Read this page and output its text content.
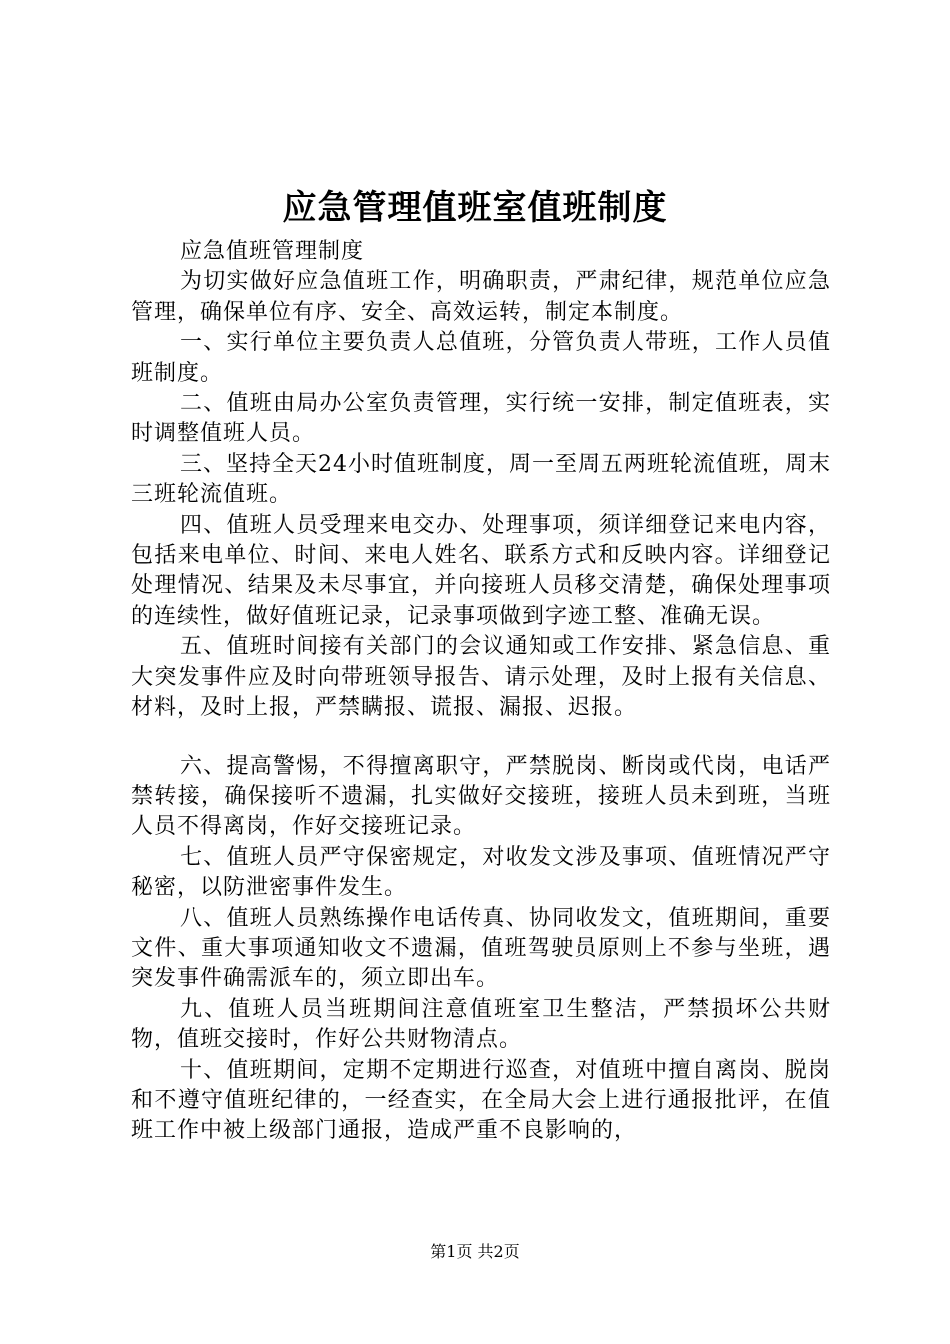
应急管理值班室值班制度

应急值班管理制度

为切实做好应急值班工作，明确职责，严肃纪律，规范单位应急管理，确保单位有序、安全、高效运转，制定本制度。

一、实行单位主要负责人总值班，分管负责人带班，工作人员值班制度。

二、值班由局办公室负责管理，实行统一安排，制定值班表，实时调整值班人员。

三、坚持全天24小时值班制度，周一至周五两班轮流值班，周末三班轮流值班。

四、值班人员受理来电交办、处理事项，须详细登记来电内容，包括来电单位、时间、来电人姓名、联系方式和反映内容。详细登记处理情况、结果及未尽事宜，并向接班人员移交清楚，确保处理事项的连续性，做好值班记录，记录事项做到字迹工整、准确无误。

五、值班时间接有关部门的会议通知或工作安排、紧急信息、重大突发事件应及时向带班领导报告、请示处理，及时上报有关信息、材料，及时上报，严禁瞒报、谎报、漏报、迟报。

六、提高警惕，不得擅离职守，严禁脱岗、断岗或代岗，电话严禁转接，确保接听不遗漏，扎实做好交接班，接班人员未到班，当班人员不得离岗，作好交接班记录。

七、值班人员严守保密规定，对收发文涉及事项、值班情况严守秘密，以防泄密事件发生。

八、值班人员熟练操作电话传真、协同收发文，值班期间，重要文件、重大事项通知收文不遗漏，值班驾驶员原则上不参与坐班，遇突发事件确需派车的，须立即出车。

九、值班人员当班期间注意值班室卫生整洁，严禁损坏公共财物，值班交接时，作好公共财物清点。

十、值班期间，定期不定期进行巡查，对值班中擅自离岗、脱岗和不遵守值班纪律的，一经查实，在全局大会上进行通报批评，在值班工作中被上级部门通报，造成严重不良影响的，

第1页 共2页
